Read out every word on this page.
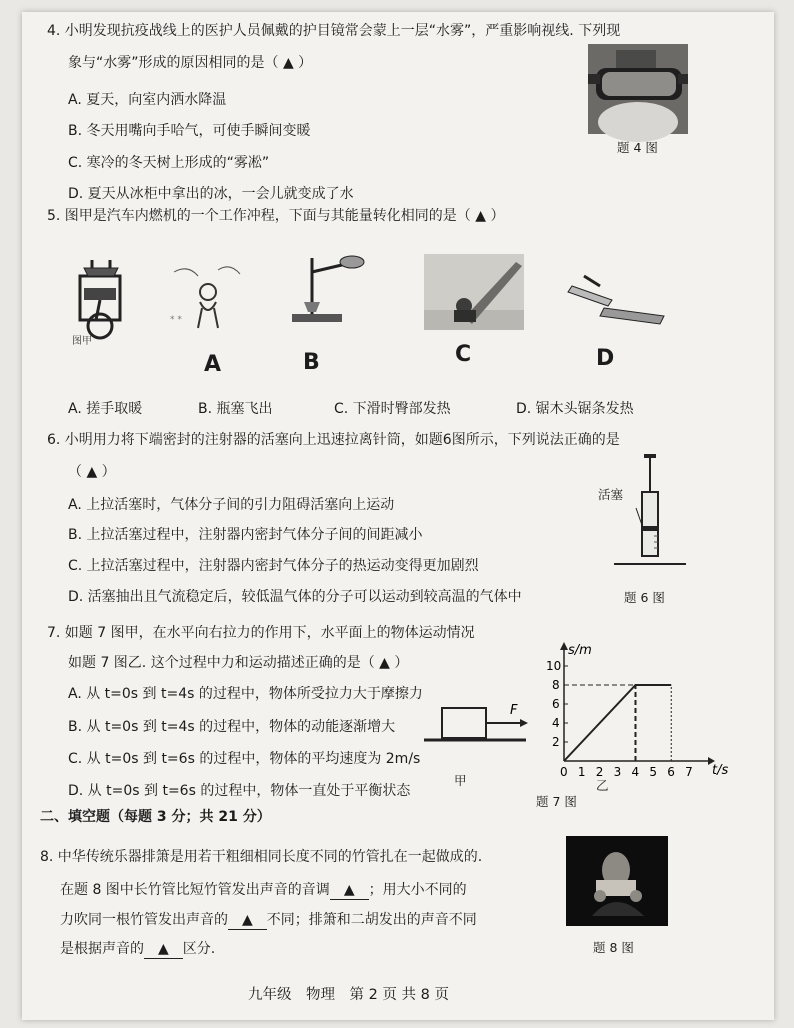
4. 小明发现抗疫战线上的医护人员佩戴的护目镜常会蒙上一层“水雾”，严重影响视线. 下列现
象与“水雾”形成的原因相同的是（ ▲ ）
A. 夏天，向室内洒水降温
B. 冬天用嘴向手哈气，可使手瞬间变暖
C. 寒冷的冬天树上形成的“雾凇”
D. 夏天从冰柜中拿出的冰，一会儿就变成了水
题 4 图
5. 图甲是汽车内燃机的一个工作冲程，下面与其能量转化相同的是（ ▲ ）
图甲
* *
A	B	C	D
A. 搓手取暖	B. 瓶塞飞出	C. 下滑时臀部发热	D. 锯木头锯条发热
6. 小明用力将下端密封的注射器的活塞向上迅速拉离针筒，如题6图所示，下列说法正确的是
（ ▲ ）
A. 上拉活塞时，气体分子间的引力阻碍活塞向上运动
B. 上拉活塞过程中，注射器内密封气体分子间的间距减小
C. 上拉活塞过程中，注射器内密封气体分子的热运动变得更加剧烈
D. 活塞抽出且气流稳定后，较低温气体的分子可以运动到较高温的气体中
活塞
题 6 图
7. 如题 7 图甲，在水平向右拉力的作用下，水平面上的物体运动情况
如题 7 图乙. 这个过程中力和运动描述正确的是（ ▲ ）
A. 从 t=0s 到 t=4s 的过程中，物体所受拉力大于摩擦力
B. 从 t=0s 到 t=4s 的过程中，物体的动能逐渐增大
C. 从 t=0s 到 t=6s 的过程中，物体的平均速度为 2m/s
D. 从 t=0s 到 t=6s 的过程中，物体一直处于平衡状态
F
甲
0 1 2 3 4 5 6 7
2
4
6
8
10
s/m
t/s
乙
题 7 图
二、填空题（每题 3 分；共 21 分）
8. 中华传统乐器排箫是用若干粗细相同长度不同的竹管扎在一起做成的.
在题 8 图中长竹管比短竹管发出声音的音调 ▲ ；用大小不同的
力吹同一根竹管发出声音的 ▲ 不同；排箫和二胡发出的声音不同
是根据声音的 ▲ 区分.	题 8 图
九年级　物理　第 2 页 共 8 页
